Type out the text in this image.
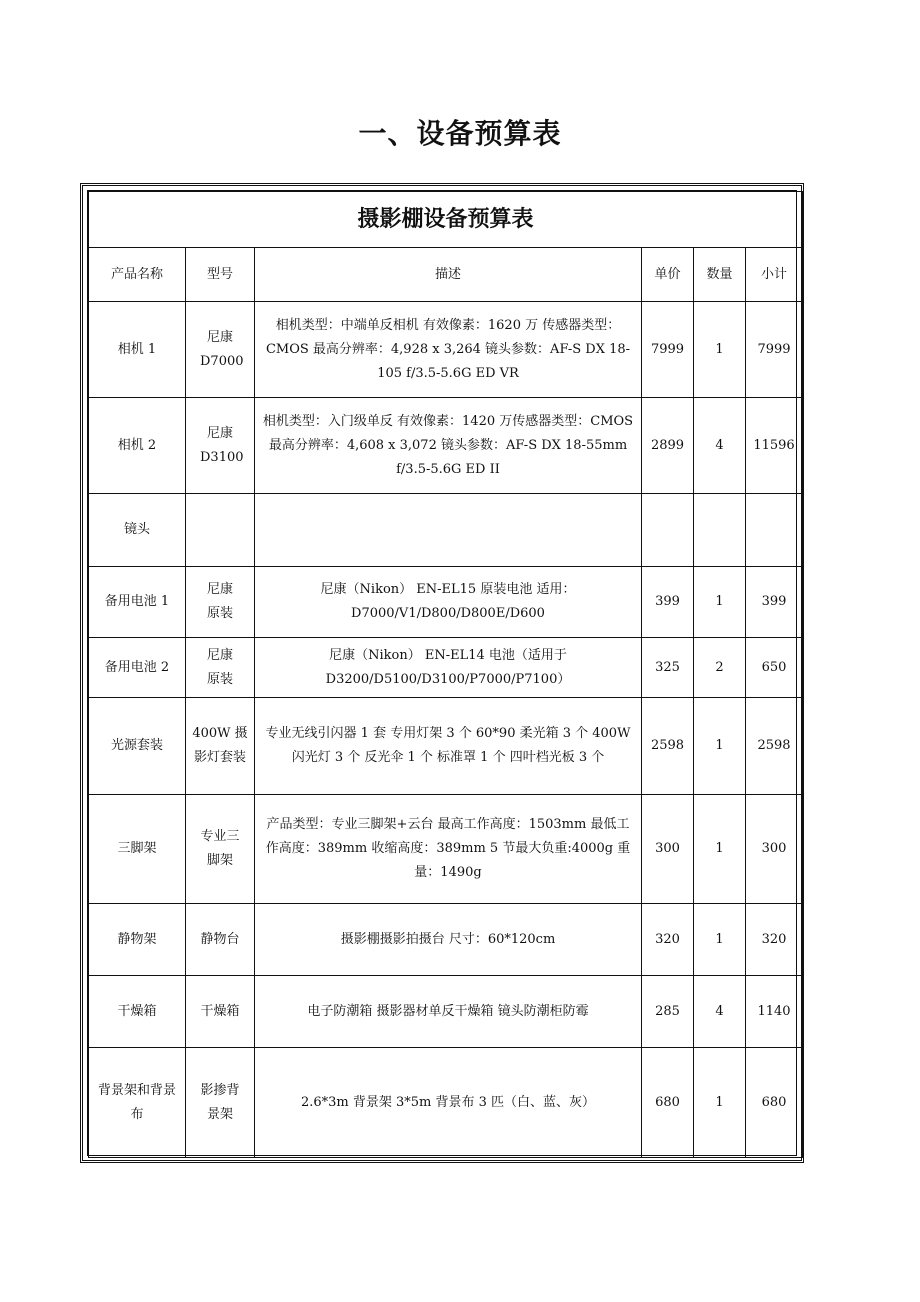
一、设备预算表
摄影棚设备预算表					
产品名称	型号	描述	单价	数量	小计
相机 1	尼康 D7000	相机类型：中端单反相机 有效像素：1620 万 传感器类型：CMOS 最高分辨率：4,928 x 3,264 镜头参数：AF-S DX 18-105 f/3.5-5.6G ED VR	7999	1	7999
相机 2	尼康 D3100	相机类型：入门级单反 有效像素：1420 万传感器类型：CMOS 最高分辨率：4,608 x 3,072 镜头参数：AF-S DX 18-55mm f/3.5-5.6G ED II	2899	4	11596
镜头					
备用电池 1	尼康 原装	尼康（Nikon） EN-EL15 原装电池 适用：D7000/V1/D800/D800E/D600	399	1	399
备用电池 2	尼康 原装	尼康（Nikon） EN-EL14 电池（适用于 D3200/D5100/D3100/P7000/P7100）	325	2	650
光源套装	400W 摄影灯套装	专业无线引闪器 1 套 专用灯架 3 个 60*90 柔光箱 3 个 400W 闪光灯 3 个 反光伞 1 个 标准罩 1 个 四叶档光板 3 个	2598	1	2598
三脚架	专业三脚架	产品类型：专业三脚架+云台 最高工作高度：1503mm 最低工作高度：389mm 收缩高度：389mm 5 节最大负重:4000g 重量：1490g	300	1	300
静物架	静物台	摄影棚摄影拍摄台 尺寸：60*120cm	320	1	320
干燥箱	干燥箱	电子防潮箱 摄影器材单反干燥箱 镜头防潮柜防霉	285	4	1140
背景架和背景布	影掺背景架	2.6*3m 背景架 3*5m 背景布 3 匹（白、蓝、灰）	680	1	680
